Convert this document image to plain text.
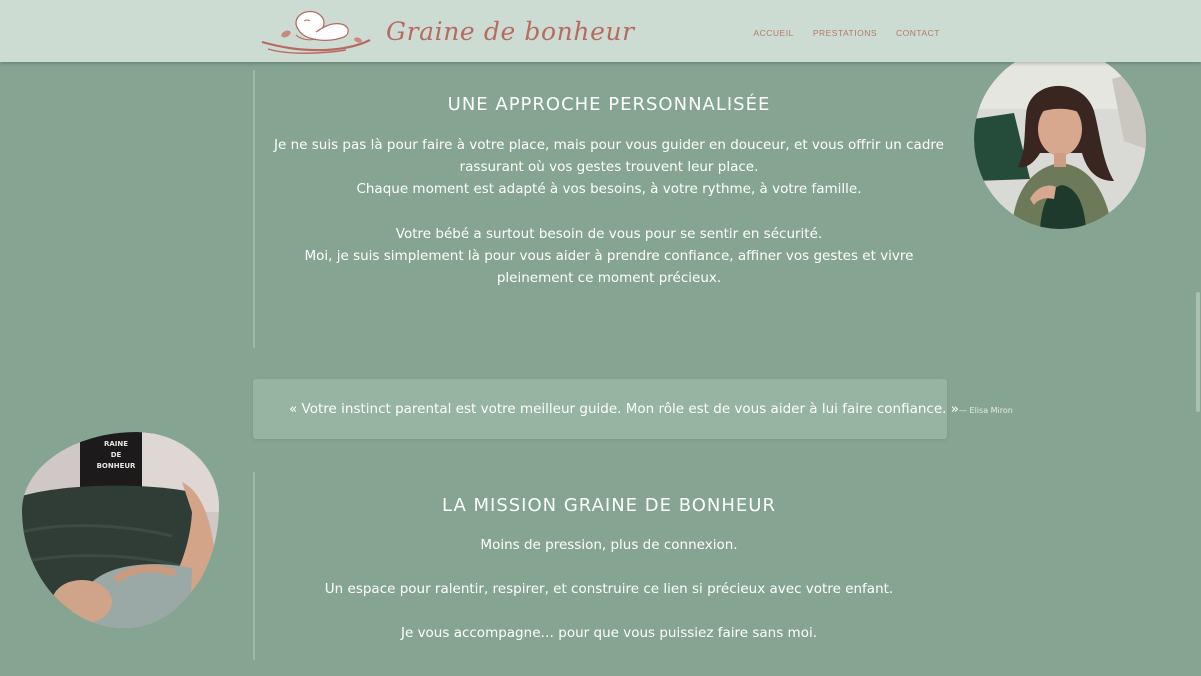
Graine de bonheur	ACCUEIL PRESTATIONS CONTACT
UNE APPROCHE PERSONNALISÉE

Je ne suis pas là pour faire à votre place, mais pour vous guider en douceur, et vous offrir un cadre rassurant où vos gestes trouvent leur place.
Chaque moment est adapté à vos besoins, à votre rythme, à votre famille.

Votre bébé a surtout besoin de vous pour se sentir en sécurité.
Moi, je suis simplement là pour vous aider à prendre confiance, affiner vos gestes et vivre pleinement ce moment précieux.

« Votre instinct parental est votre meilleur guide. Mon rôle est de vous aider à lui faire confiance. »— Elisa Miron
RAINE
DE
BONHEUR
LA MISSION GRAINE DE BONHEUR

Moins de pression, plus de connexion.

Un espace pour ralentir, respirer, et construire ce lien si précieux avec votre enfant.

Je vous accompagne… pour que vous puissiez faire sans moi.
